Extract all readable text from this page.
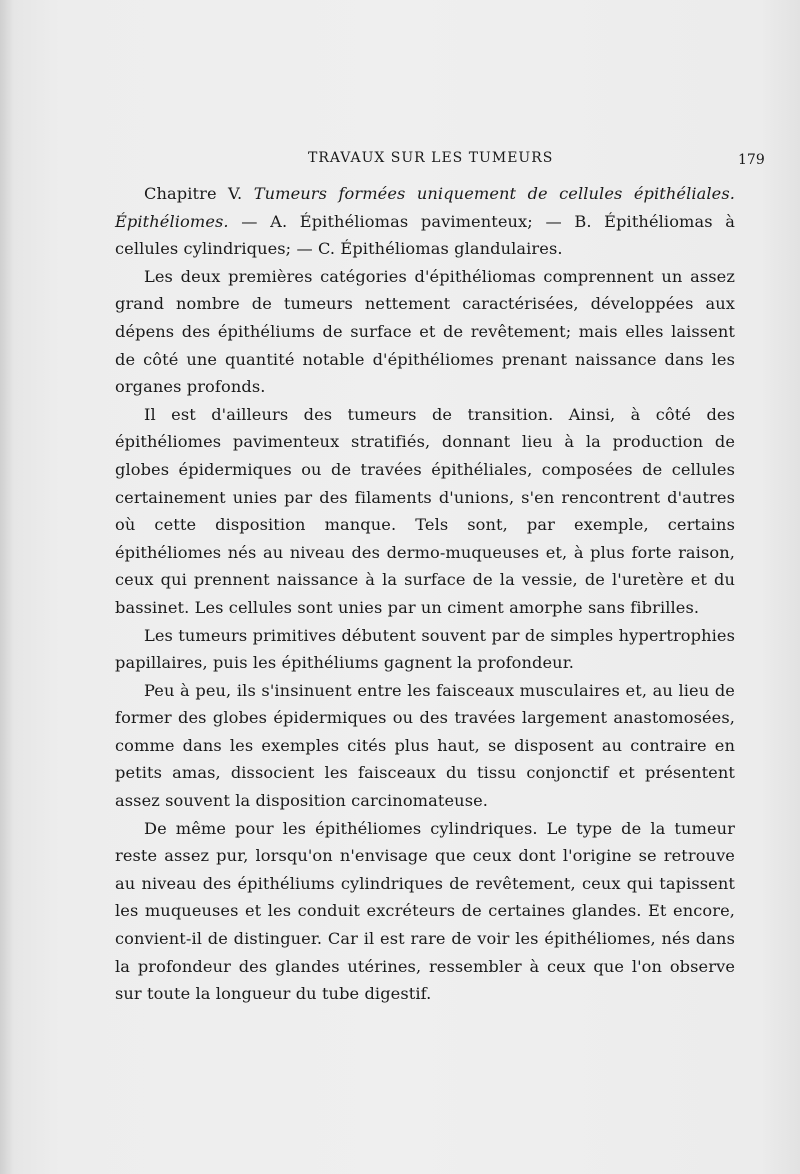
TRAVAUX SUR LES TUMEURS	179

Chapitre V. Tumeurs formées uniquement de cellules épithéliales. Épithéliomes. — A. Épithéliomas pavimenteux; — B. Épithéliomas à cellules cylindriques; — C. Épithéliomas glandulaires.

Les deux premières catégories d'épithéliomas comprennent un assez grand nombre de tumeurs nettement caractérisées, développées aux dépens des épithéliums de surface et de revêtement; mais elles laissent de côté une quantité notable d'épithéliomes prenant naissance dans les organes profonds.

Il est d'ailleurs des tumeurs de transition. Ainsi, à côté des épithéliomes pavimenteux stratifiés, donnant lieu à la production de globes épidermiques ou de travées épithéliales, composées de cellules certainement unies par des filaments d'unions, s'en rencontrent d'autres où cette disposition manque. Tels sont, par exemple, certains épithéliomes nés au niveau des dermo-muqueuses et, à plus forte raison, ceux qui prennent naissance à la surface de la vessie, de l'uretère et du bassinet. Les cellules sont unies par un ciment amorphe sans fibrilles.

Les tumeurs primitives débutent souvent par de simples hypertrophies papillaires, puis les épithéliums gagnent la profondeur.

Peu à peu, ils s'insinuent entre les faisceaux musculaires et, au lieu de former des globes épidermiques ou des travées largement anastomosées, comme dans les exemples cités plus haut, se disposent au contraire en petits amas, dissocient les faisceaux du tissu conjonctif et présentent assez souvent la disposition carcinomateuse.

De même pour les épithéliomes cylindriques. Le type de la tumeur reste assez pur, lorsqu'on n'envisage que ceux dont l'origine se retrouve au niveau des épithéliums cylindriques de revêtement, ceux qui tapissent les muqueuses et les conduit excréteurs de certaines glandes. Et encore, convient-il de distinguer. Car il est rare de voir les épithéliomes, nés dans la profondeur des glandes utérines, ressembler à ceux que l'on observe sur toute la longueur du tube digestif.
